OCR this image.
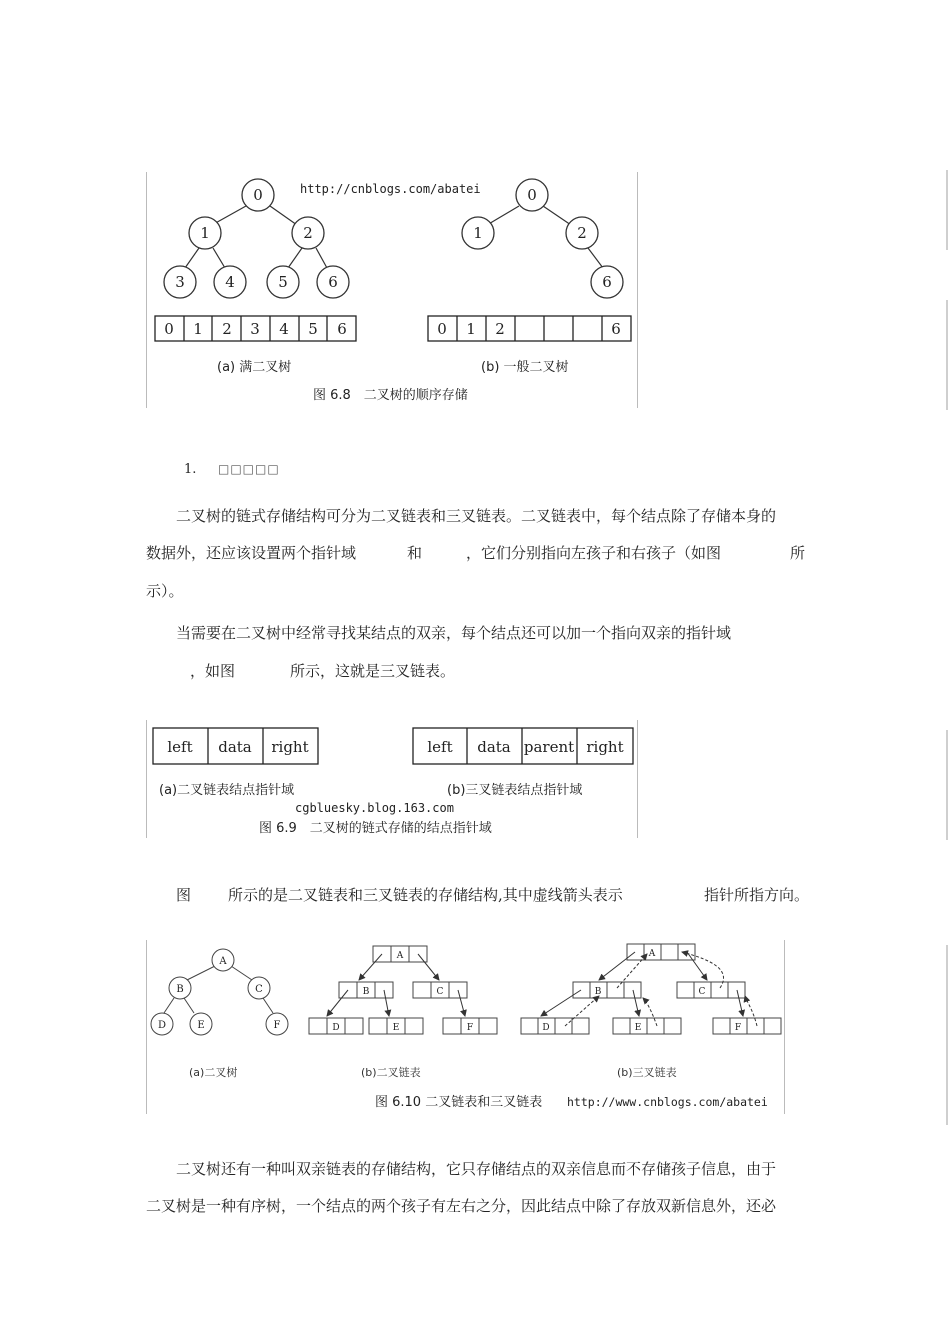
0
1	2
3	4	5	6
0
1	2
6
http://cnblogs.com/abatei
0 1 2 3 4 5 6	0 1 2	6
(a) 满二叉树	(b) 一般二叉树
图 6.8　二叉树的顺序存储
1. □□□□□
二叉树的链式存储结构可分为二叉链表和三叉链表。二叉链表中，每个结点除了存储本身的
数据外，还应该设置两个指针域	和	，它们分别指向左孩子和右孩子（如图	所
示）。
当需要在二叉树中经常寻找某结点的双亲，每个结点还可以加一个指向双亲的指针域
，如图	所示，这就是三叉链表。
left data right	left data parent right
(a)二叉链表结点指针域	(b)三叉链表结点指针域
图 6.9　二叉树的链式存储的结点指针域
cgbluesky.blog.163.com
图 所示的是二叉链表和三叉链表的存储结构,其中虚线箭头表示	指针所指方向。
A
B	C
D	E	F
A
B	C
D	E	F
A
B	C
D	E	F
(a)二叉树	(b)二叉链表	(b)三叉链表
图 6.10 二叉链表和三叉链表 http://www.cnblogs.com/abatei
二叉树还有一种叫双亲链表的存储结构，它只存储结点的双亲信息而不存储孩子信息，由于
二叉树是一种有序树，一个结点的两个孩子有左右之分，因此结点中除了存放双新信息外，还必
